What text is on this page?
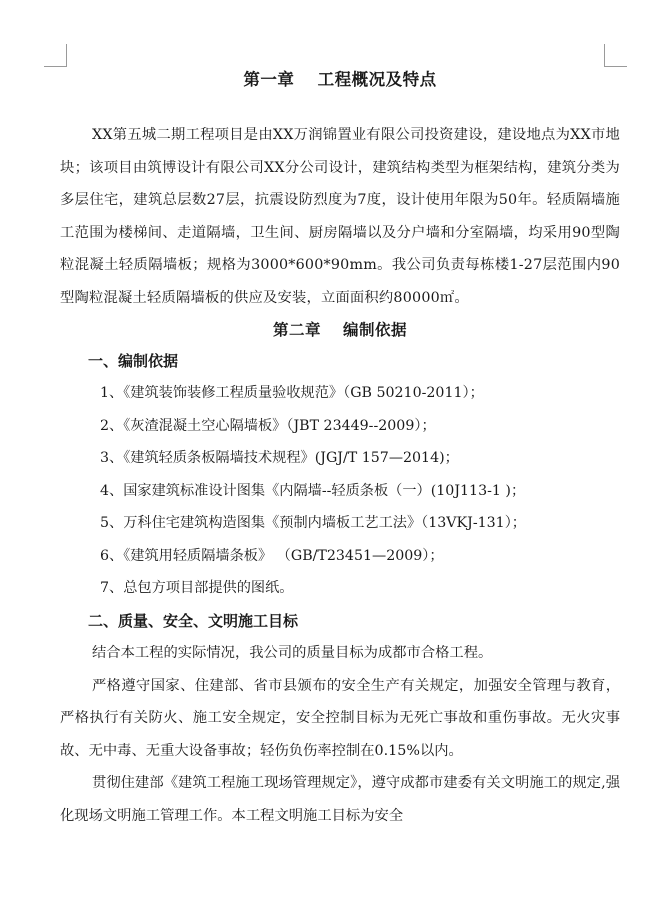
第一章　 工程概况及特点

XX第五城二期工程项目是由XX万润锦置业有限公司投资建设，建设地点为XX市地块；该项目由筑博设计有限公司XX分公司设计，建筑结构类型为框架结构，建筑分类为多层住宅，建筑总层数27层，抗震设防烈度为7度，设计使用年限为50年。轻质隔墙施工范围为楼梯间、走道隔墙，卫生间、厨房隔墙以及分户墙和分室隔墙，均采用90型陶粒混凝土轻质隔墙板；规格为3000*600*90mm。我公司负责每栋楼1-27层范围内90型陶粒混凝土轻质隔墙板的供应及安装，立面面积约80000㎡。

第二章　 编制依据
一、编制依据
1、《建筑装饰装修工程质量验收规范》（GB 50210-2011）；
2、《灰渣混凝土空心隔墙板》（JBT 23449--2009）；
3、《建筑轻质条板隔墙技术规程》(JGJ/T 157—2014)；
4、国家建筑标准设计图集《内隔墙--轻质条板（一）(10J113-1 )；
5、万科住宅建筑构造图集《预制内墙板工艺工法》（13VKJ-131）；
6、《建筑用轻质隔墙条板》 （GB/T23451—2009）；
7、总包方项目部提供的图纸。
二、质量、安全、文明施工目标

结合本工程的实际情况，我公司的质量目标为成都市合格工程。

严格遵守国家、住建部、省市县颁布的安全生产有关规定，加强安全管理与教育，严格执行有关防火、施工安全规定，安全控制目标为无死亡事故和重伤事故。无火灾事故、无中毒、无重大设备事故；轻伤负伤率控制在0.15%以内。

贯彻住建部《建筑工程施工现场管理规定》，遵守成都市建委有关文明施工的规定,强化现场文明施工管理工作。本工程文明施工目标为安全
